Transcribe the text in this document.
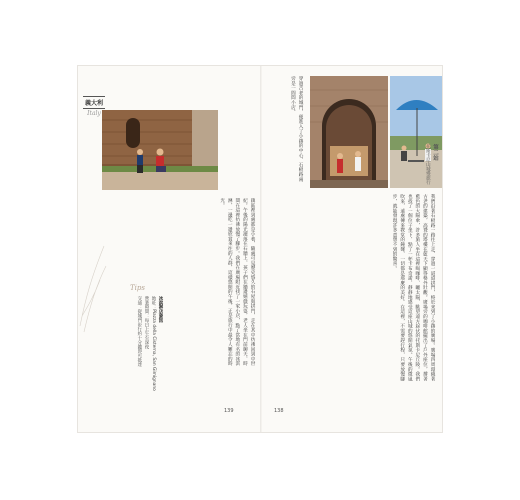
義大利
Italy
鎮區裡到處都是小巷，隨處可見歷史悠久的石屋與拱門，走在其中彷彿回到中世紀。午後的陽光灑落在石牆上，孩子們在牆邊嬉戲玩耍，老人坐在門前聊天，時間在這裡彷彿放慢了腳步。我們在廣場附近找了一家小店，點了當地有名的冰淇淋，一邊吃一邊欣賞來往的人群，這樣悠閒的午後，正是旅行中最令人難忘的時光。
Tips
冰淇淋店資訊
地址：Piazza della Cisterna, San Gimignano
營業時間：每日上午至深夜
交通：從城門步行約十分鐘即可抵達
139
穿過古老的城門，便進入了小鎮的中心，石板路兩旁是一間間小店。
第二站
托斯卡尼山城慢旅行
我們沿著石板路一路往上走，穿過一道道拱門，終於來到了小鎮的廣場。廣場四周環繞著古老的建築，高聳的塔樓在藍天下顯得格外壯觀。廣場旁的咖啡館擺出了戶外座位，撐著藍色的大陽傘，許多旅人坐在這裡喝咖啡、曬太陽，眺望遠方起伏的托斯卡尼丘陵。我們也找了一個位子坐下，點了一杯卡布奇諾，靜靜地感受這座山城的悠閒氣氛。午後的微風吹來，遠處傳來教堂的鐘聲，一切都是那麼的美好。在這裡，不需要趕行程，只要放慢腳步，就能發現許多意想不到的驚喜。
138
